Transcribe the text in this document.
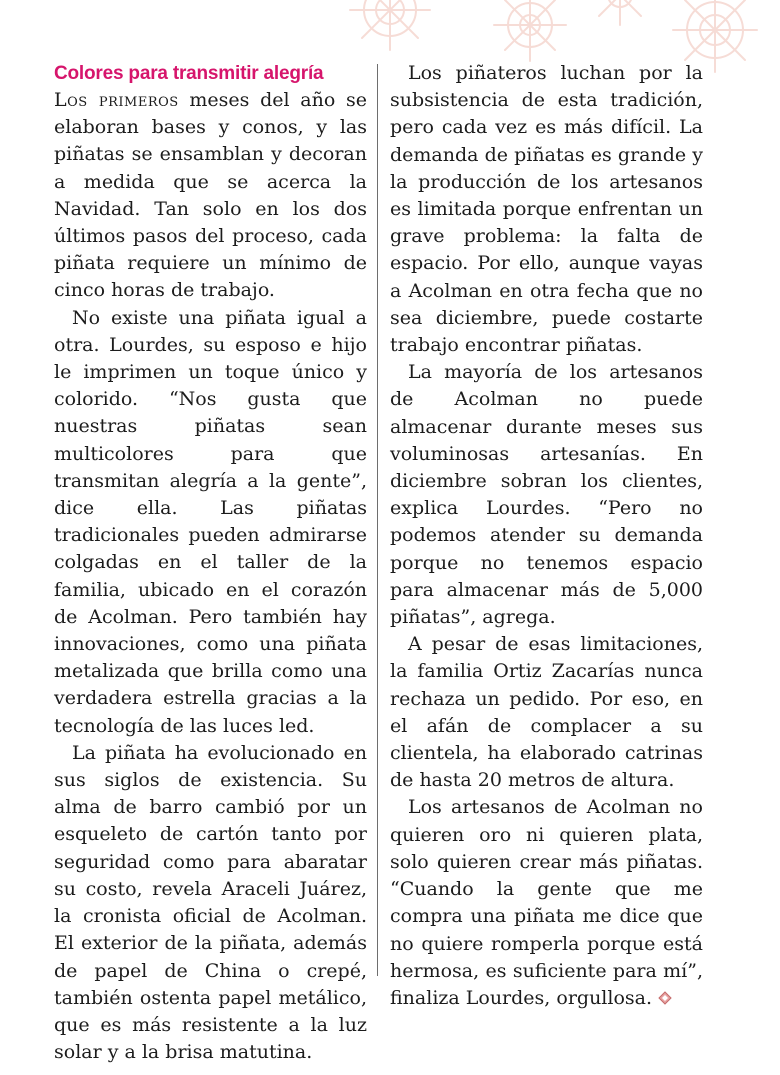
Colores para transmitir alegría

Los primeros meses del año se elaboran bases y conos, y las piñatas se ensamblan y decoran a medida que se acerca la Navidad. Tan solo en los dos últimos pasos del proceso, cada piñata requiere un mínimo de cinco horas de trabajo.

No existe una piñata igual a otra. Lourdes, su esposo e hijo le imprimen un toque único y colorido. “Nos gusta que nuestras piñatas sean multicolores para que transmitan alegría a la gente”, dice ella. Las piñatas tradicionales pueden admirarse colgadas en el taller de la familia, ubicado en el corazón de Acolman. Pero también hay innovaciones, como una piñata metalizada que brilla como una verdadera estrella gracias a la tecnología de las luces led.

La piñata ha evolucionado en sus siglos de existencia. Su alma de barro cambió por un esqueleto de cartón tanto por seguridad como para abaratar su costo, revela Araceli Juárez, la cronista oficial de Acolman. El exterior de la piñata, además de papel de China o crepé, también ostenta papel metálico, que es más resistente a la luz solar y a la brisa matutina.

Los piñateros luchan por la subsistencia de esta tradición, pero cada vez es más difícil. La demanda de piñatas es grande y la producción de los artesanos es limitada porque enfrentan un grave problema: la falta de espacio. Por ello, aunque vayas a Acolman en otra fecha que no sea diciembre, puede costarte trabajo encontrar piñatas.

La mayoría de los artesanos de Acolman no puede almacenar durante meses sus voluminosas artesanías. En diciembre sobran los clientes, explica Lourdes. “Pero no podemos atender su demanda porque no tenemos espacio para almacenar más de 5,000 piñatas”, agrega.

A pesar de esas limitaciones, la familia Ortiz Zacarías nunca rechaza un pedido. Por eso, en el afán de complacer a su clientela, ha elaborado catrinas de hasta 20 metros de altura.

Los artesanos de Acolman no quieren oro ni quieren plata, solo quieren crear más piñatas. “Cuando la gente que me compra una piñata me dice que no quiere romperla porque está hermosa, es suficiente para mí”, finaliza Lourdes, orgullosa.
